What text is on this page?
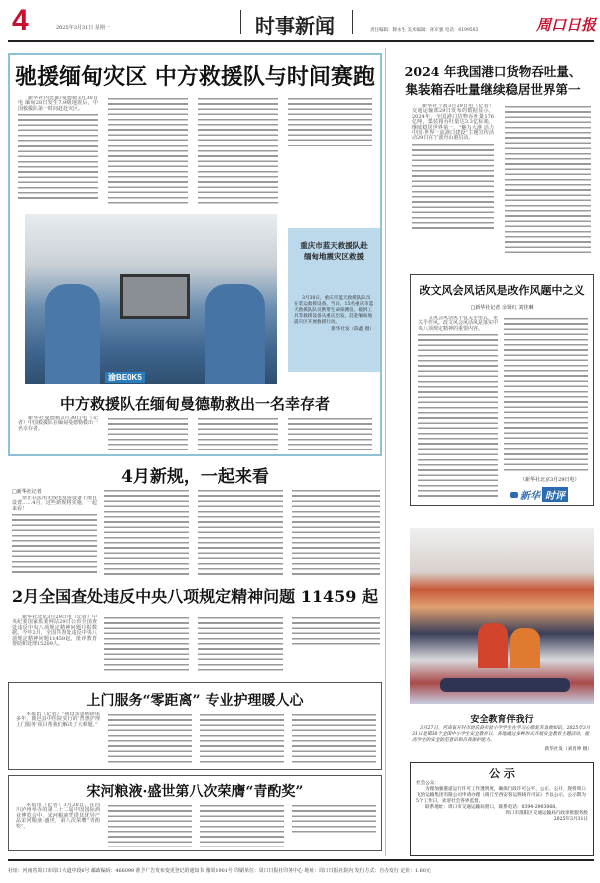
4	2025年3月31日 星期一	时事新闻	责任编辑：滕永生 美术编辑：孙军强 电话：6199503	周口日报
驰援缅甸灾区 中方救援队与时间赛跑

新华社内比都/曼德勒3月30日电 缅甸28日发生7.9级地震后，中国救援队第一时间赶赴灾区。

渝BE0K5
重庆市蓝天救援队赴缅甸地震灾区救援
3月30日，重庆市蓝天救援队队员在装运救援设备。当日，15名重庆市蓝天救援队队员携带生命探测仪、破拆工具等救援设备从重庆出发，赶赴缅甸地震灾区开展救援行动。
新华社发（陈鑫 摄）
中方救援队在缅甸曼德勒救出一名幸存者

新华社曼德勒3月30日电（记者）中国救援队在缅甸曼德勒救出一名幸存者。

4月新规，一起来看
□新华社记者

禁止在民用无线电发射设备上擅自设置……4月，这些新规将实施，一起来看！

2月全国查处违反中央八项规定精神问题 11459 起

新华社北京3月29日电（记者）中央纪委国家监委网站29日公布全国查处违反中央八项规定精神问题月报数据。今年2月，全国共查处违反中央八项规定精神问题11459起，批评教育帮助和处理15209人。

上门服务“零距离” 专业护理暖人心

本报讯（记者）“我母亲患病卧床多年，鹿邑县中医院实行的‘普惠护理上门服务’项目帮我们解决了大难题。”

宋河粮液·盛世第八次荣膺“青酌奖”

本报讯（记者）3月28日，在四川泸州举办的第二十二届中国国际酒业博览会中，宋河粮液凭借其优异产品宋河粮液·盛世，第八次荣膺“青酌奖”。

2024 年我国港口货物吞吐量、
集装箱吞吐量继续稳居世界第一

新华社宁波3月29日电（记者）交通运输部29日发布的数据显示，2024年，全国港口货物吞吐量176亿吨，集装箱吞吐量达3.3亿标箱，继续稳居世界第一。“魅力大港 活力中国·世界一流港口建设”主题宣传活动29日在宁波舟山港启动。

改文风会风话风是改作风题中之义
□新华社记者 余贤红 刘佳琳

文风会风话风不仅关乎形式，更关乎作风。改文风会风话风是落实中央八项规定精神的重要内容。

（新华社北京3月29日电）
新华 时评
安全教育伴我行
3月27日，河南省开封市尉氏县实验小学学生在学习心肺复苏急救知识。2025年3月31日是第30个全国中小学生安全教育日，各地通过多种形式开展安全教育主题活动，提高学生的安全防范意识和自我保护能力。
新华社发（刘肖坤 摄）
公 示
社会公众：
为理加强港道运行许可工作透明度，确保行政许可公平、公正、公开，现将周口飞豹运输集团有限公司申请办理《商丘至西安客运班线许可证》予以公示，公示期为5个工作日，欢迎社会各界监督。
联系地址：周口市交通运输局窗口，联系电话：0394-2903068。
周口市淮阳区交通运输局行政审批服务股
2025年3月31日
社址：河南省周口市周口大道中段6号 邮政编码：466099 准予广告发布变更登记的通知书 豫周1901号 印刷单位：周口日报社印务中心 地址：周口日报社院内 发行方式：自办发行 定价：1.60元
